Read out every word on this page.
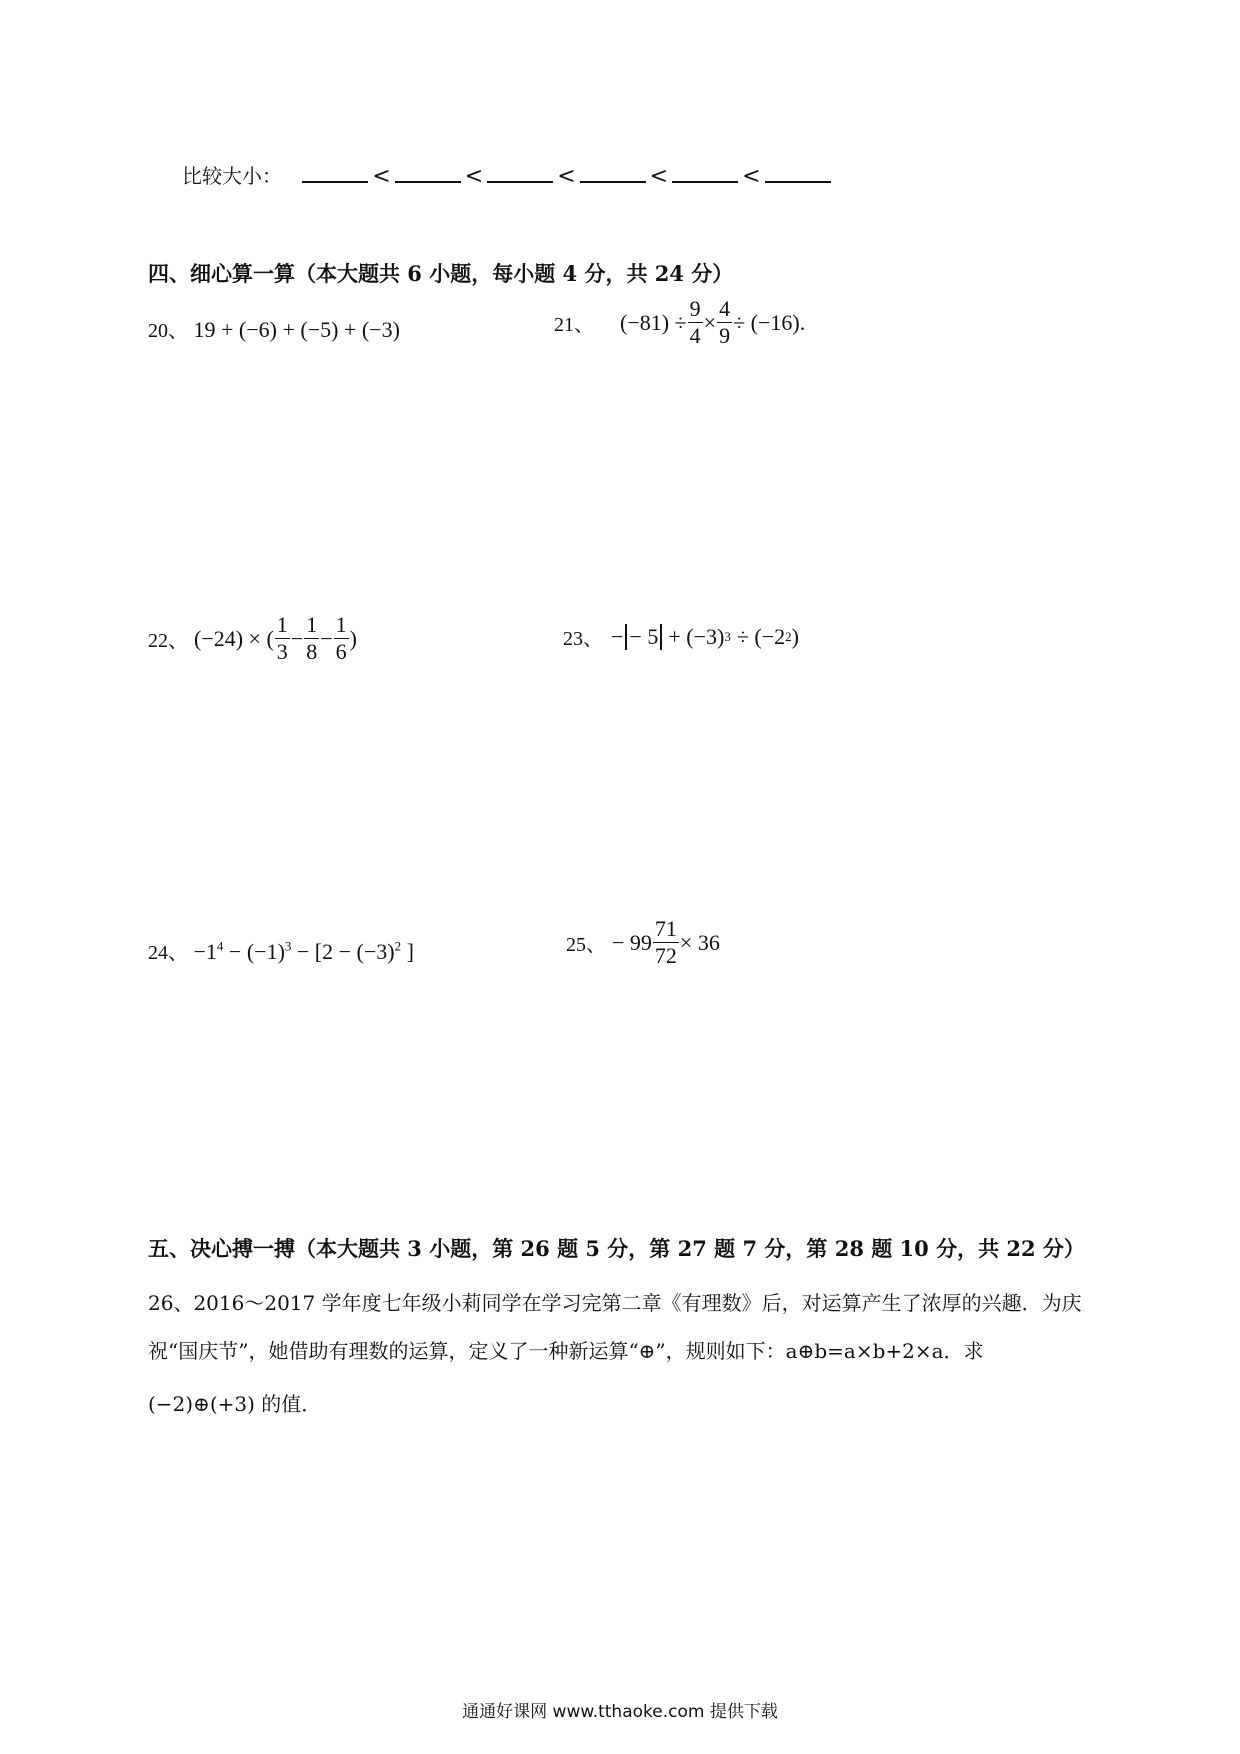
比较大小：	<	<	<	<	<
四、细心算一算（本大题共 6 小题，每小题 4 分，共 24 分）
20、 19 + (−6) + (−5) + (−3)	21、 $(-81) \div \frac{9}{4} \times \frac{4}{9} \div (-16)$.
22、 (−24) × ( $\frac{1}{3} - \frac{1}{8} - \frac{1}{6}$ )	23、 − − 5 + (−3) 3 ÷ (−2 2 )
24、 $-1^4 - (-1)^3 - [2 - (-3)^2$ ]	25、 − $99 \frac{71}{72} \times 36$
五、决心搏一搏（本大题共 3 小题，第 26 题 5 分，第 27 题 7 分，第 28 题 10 分，共 22 分）
26、2016～2017 学年度七年级小莉同学在学习完第二章《有理数》后，对运算产生了浓厚的兴趣．为庆
祝“国庆节”，她借助有理数的运算，定义了一种新运算“⊕”，规则如下：a⊕b=a×b+2×a．求
(−2)⊕(+3) 的值．
通通好课网 www.tthaoke.com 提供下载
